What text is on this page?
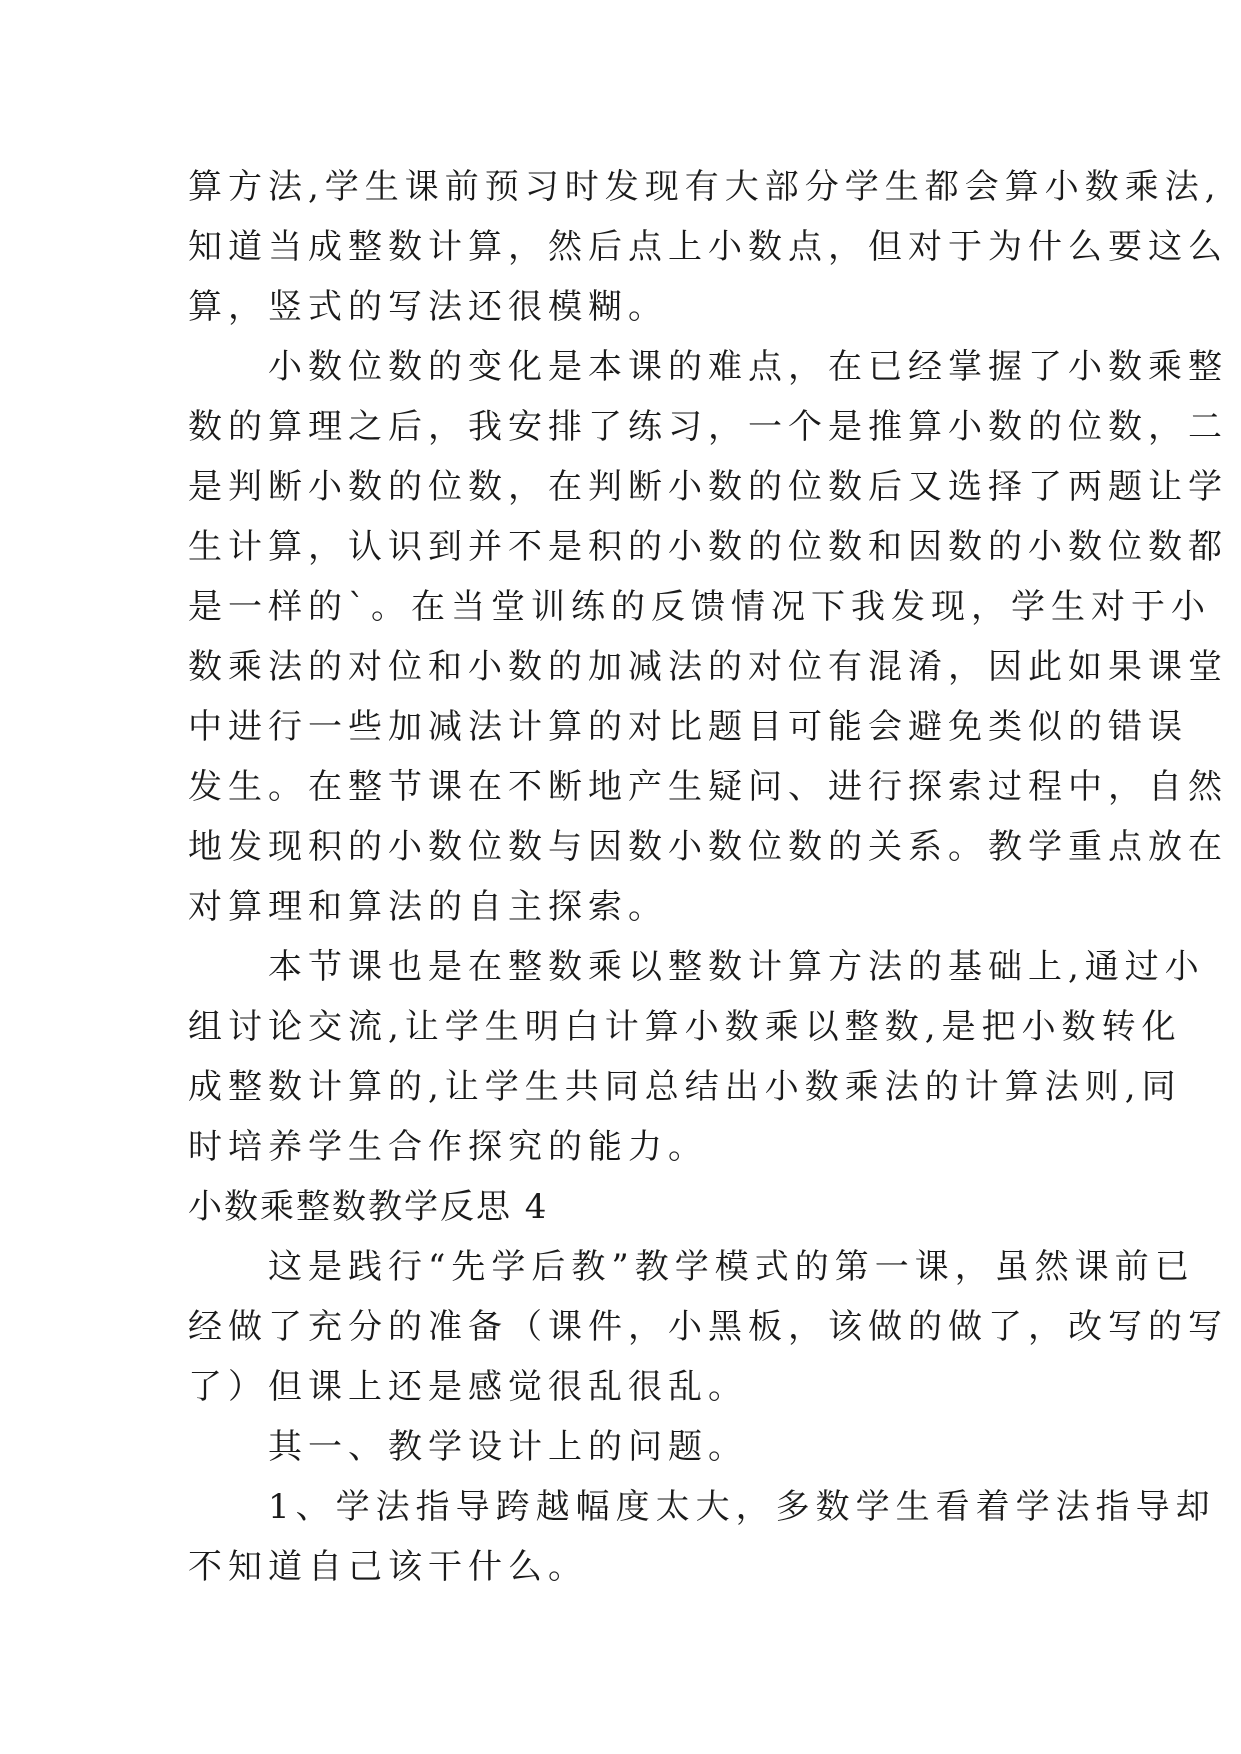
算方法,学生课前预习时发现有大部分学生都会算小数乘法,
知道当成整数计算，然后点上小数点，但对于为什么要这么
算，竖式的写法还很模糊。
　　小数位数的变化是本课的难点，在已经掌握了小数乘整
数的算理之后，我安排了练习，一个是推算小数的位数，二
是判断小数的位数，在判断小数的位数后又选择了两题让学
生计算，认识到并不是积的小数的位数和因数的小数位数都
是一样的`。在当堂训练的反馈情况下我发现，学生对于小
数乘法的对位和小数的加减法的对位有混淆，因此如果课堂
中进行一些加减法计算的对比题目可能会避免类似的错误
发生。在整节课在不断地产生疑问、进行探索过程中，自然
地发现积的小数位数与因数小数位数的关系。教学重点放在
对算理和算法的自主探索。
　　本节课也是在整数乘以整数计算方法的基础上,通过小
组讨论交流,让学生明白计算小数乘以整数,是把小数转化
成整数计算的,让学生共同总结出小数乘法的计算法则,同
时培养学生合作探究的能力。
小数乘整数教学反思 4
　　这是践行“先学后教”教学模式的第一课，虽然课前已
经做了充分的准备（课件，小黑板，该做的做了，改写的写
了）但课上还是感觉很乱很乱。
　　其一、教学设计上的问题。
　　1、学法指导跨越幅度太大，多数学生看着学法指导却
不知道自己该干什么。
